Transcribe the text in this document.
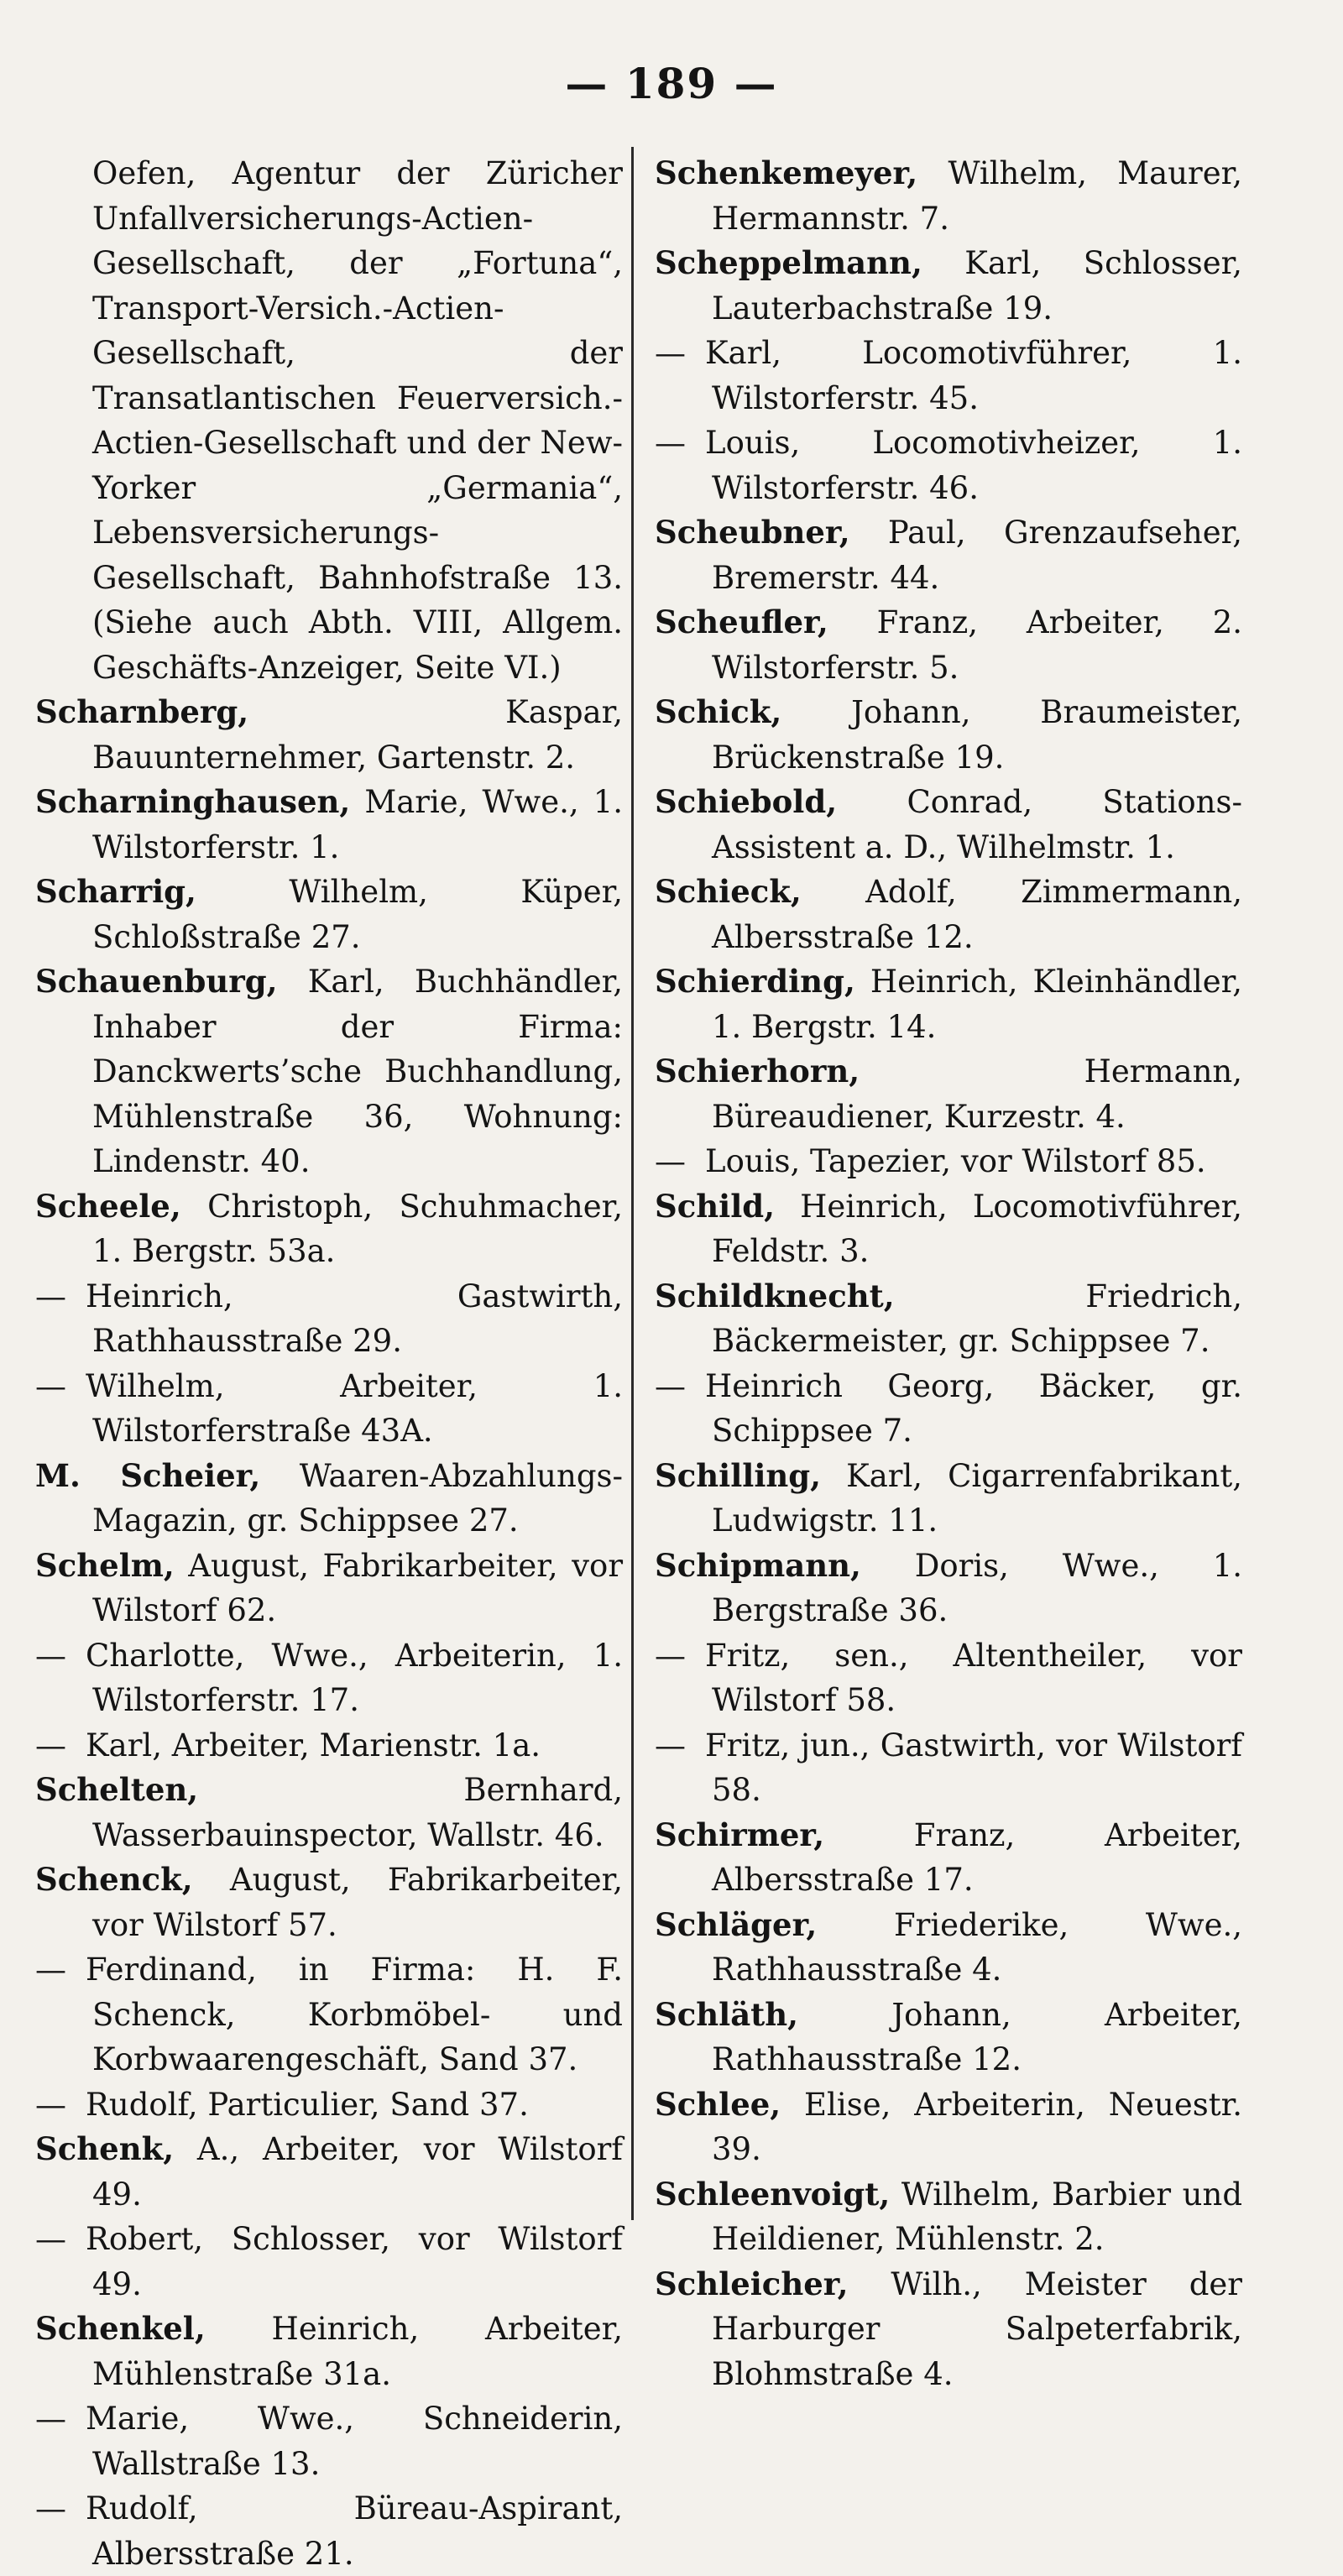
— 189 —

Oefen, Agentur der Züricher Unfallversicherungs-Actien-Gesellschaft, der „Fortuna“, Transport-Versich.-Actien-Gesellschaft, der Transatlantischen Feuerversich.-Actien-Gesellschaft und der New-Yorker „Germania“, Lebensversicherungs-Gesellschaft, Bahnhofstraße 13. (Siehe auch Abth. VIII, Allgem. Geschäfts-Anzeiger, Seite VI.)

Scharnberg,	Kaspar, Bauunternehmer, Gartenstr. 2.

Scharninghausen, Marie, Wwe., 1. Wilstorferstr. 1.

Scharrig,	Wilhelm, Küper, Schloßstraße 27.

Schauenburg, Karl, Buchhändler, Inhaber der Firma: Danckwerts’sche Buchhandlung, Mühlenstraße 36, Wohnung: Lindenstr. 40.

Scheele, Christoph, Schuhmacher, 1. Bergstr. 53a.

— Heinrich, Gastwirth, Rathhausstraße 29.

— Wilhelm, Arbeiter, 1. Wilstorferstraße 43A.

M. Scheier, Waaren-Abzahlungs-Magazin, gr. Schippsee 27.

Schelm, August, Fabrikarbeiter, vor Wilstorf 62.

— Charlotte, Wwe., Arbeiterin, 1. Wilstorferstr. 17.

— Karl, Arbeiter, Marienstr. 1a.

Schelten,	Bernhard, Wasserbauinspector, Wallstr. 46.

Schenck, August, Fabrikarbeiter, vor Wilstorf 57.

— Ferdinand, in Firma: H. F. Schenck, Korbmöbel- und Korbwaarengeschäft, Sand 37.

— Rudolf, Particulier, Sand 37.

Schenk, A., Arbeiter, vor Wilstorf 49.

— Robert, Schlosser, vor Wilstorf 49.

Schenkel, Heinrich, Arbeiter, Mühlenstraße 31a.

— Marie, Wwe., Schneiderin, Wallstraße 13.

— Rudolf, Büreau-Aspirant, Albersstraße 21.

Schenkemeyer, Wilhelm, Maurer, Hermannstr. 7.

Scheppelmann, Karl, Schlosser, Lauterbachstraße 19.

— Karl, Locomotivführer, 1. Wilstorferstr. 45.

— Louis, Locomotivheizer, 1. Wilstorferstr. 46.

Scheubner, Paul, Grenzaufseher, Bremerstr. 44.

Scheufler, Franz, Arbeiter, 2. Wilstorferstr. 5.

Schick, Johann, Braumeister, Brückenstraße 19.

Schiebold, Conrad, Stations-Assistent a. D., Wilhelmstr. 1.

Schieck, Adolf, Zimmermann, Albersstraße 12.

Schierding, Heinrich, Kleinhändler, 1. Bergstr. 14.

Schierhorn,	Hermann, Büreaudiener, Kurzestr. 4.

— Louis, Tapezier, vor Wilstorf 85.

Schild, Heinrich, Locomotivführer, Feldstr. 3.

Schildknecht,	Friedrich, Bäckermeister, gr. Schippsee 7.

— Heinrich Georg, Bäcker, gr. Schippsee 7.

Schilling, Karl, Cigarrenfabrikant, Ludwigstr. 11.

Schipmann, Doris, Wwe., 1. Bergstraße 36.

— Fritz, sen., Altentheiler, vor Wilstorf 58.

— Fritz, jun., Gastwirth, vor Wilstorf 58.

Schirmer,	Franz, Arbeiter, Albersstraße 17.

Schläger, Friederike, Wwe., Rathhausstraße 4.

Schläth,	Johann, Arbeiter, Rathhausstraße 12.

Schlee, Elise, Arbeiterin, Neuestr. 39.

Schleenvoigt, Wilhelm, Barbier und Heildiener, Mühlenstr. 2.

Schleicher, Wilh., Meister der Harburger Salpeterfabrik, Blohmstraße 4.
